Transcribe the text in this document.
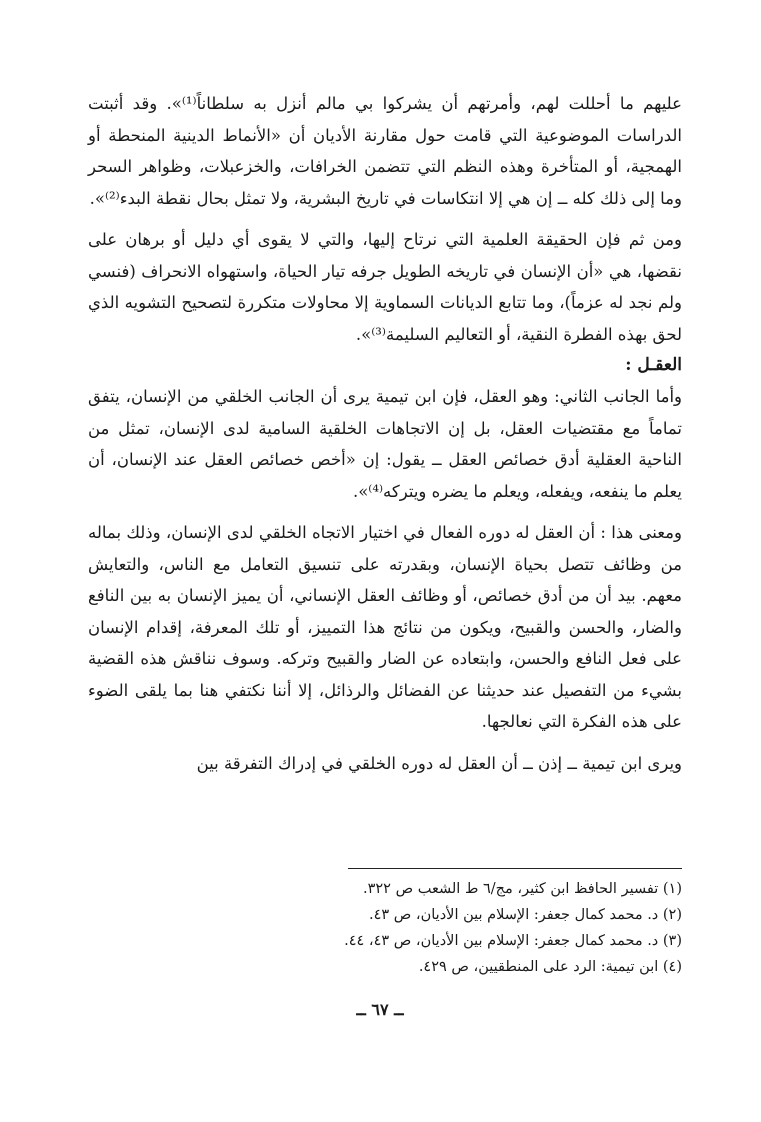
عليهم ما أحللت لهم، وأمرتهم أن يشركوا بي مالم أنزل به سلطاناً⁽¹⁾». وقد أثبتت الدراسات الموضوعية التي قامت حول مقارنة الأديان أن «الأنماط الدينية المنحطة أو الهمجية، أو المتأخرة وهذه النظم التي تتضمن الخرافات، والخزعبلات، وظواهر السحر وما إلى ذلك كله ــ إن هي إلا انتكاسات في تاريخ البشرية، ولا تمثل بحال نقطة البدء⁽²⁾».

ومن ثم فإن الحقيقة العلمية التي نرتاح إليها، والتي لا يقوى أي دليل أو برهان على نقضها، هي «أن الإنسان في تاريخه الطويل جرفه تيار الحياة، واستهواه الانحراف (فنسي ولم نجد له عزماً)، وما تتابع الديانات السماوية إلا محاولات متكررة لتصحيح التشويه الذي لحق بهذه الفطرة النقية، أو التعاليم السليمة⁽³⁾».

العقـل :

وأما الجانب الثاني: وهو العقل، فإن ابن تيمية يرى أن الجانب الخلقي من الإنسان، يتفق تماماً مع مقتضيات العقل، بل إن الاتجاهات الخلقية السامية لدى الإنسان، تمثل من الناحية العقلية أدق خصائص العقل ــ يقول: إن «أخص خصائص العقل عند الإنسان، أن يعلم ما ينفعه، ويفعله، ويعلم ما يضره ويتركه⁽⁴⁾».

ومعنى هذا : أن العقل له دوره الفعال في اختيار الاتجاه الخلقي لدى الإنسان، وذلك بماله من وظائف تتصل بحياة الإنسان، وبقدرته على تنسيق التعامل مع الناس، والتعايش معهم. بيد أن من أدق خصائص، أو وظائف العقل الإنساني، أن يميز الإنسان به بين النافع والضار، والحسن والقبيح، ويكون من نتائج هذا التمييز، أو تلك المعرفة، إقدام الإنسان على فعل النافع والحسن، وابتعاده عن الضار والقبيح وتركه. وسوف نناقش هذه القضية بشيء من التفصيل عند حديثنا عن الفضائل والرذائل، إلا أننا نكتفي هنا بما يلقى الضوء على هذه الفكرة التي نعالجها.

ويرى ابن تيمية ــ إذن ــ أن العقل له دوره الخلقي في إدراك التفرقة بين

(١) تفسير الحافظ ابن كثير، مج/٦ ط الشعب ص ٣٢٢.

(٢) د. محمد كمال جعفر: الإسلام بين الأديان، ص ٤٣.

(٣) د. محمد كمال جعفر: الإسلام بين الأديان، ص ٤٣، ٤٤.

(٤) ابن تيمية: الرد على المنطقيين، ص ٤٢٩.

ــ ٦٧ ــ
